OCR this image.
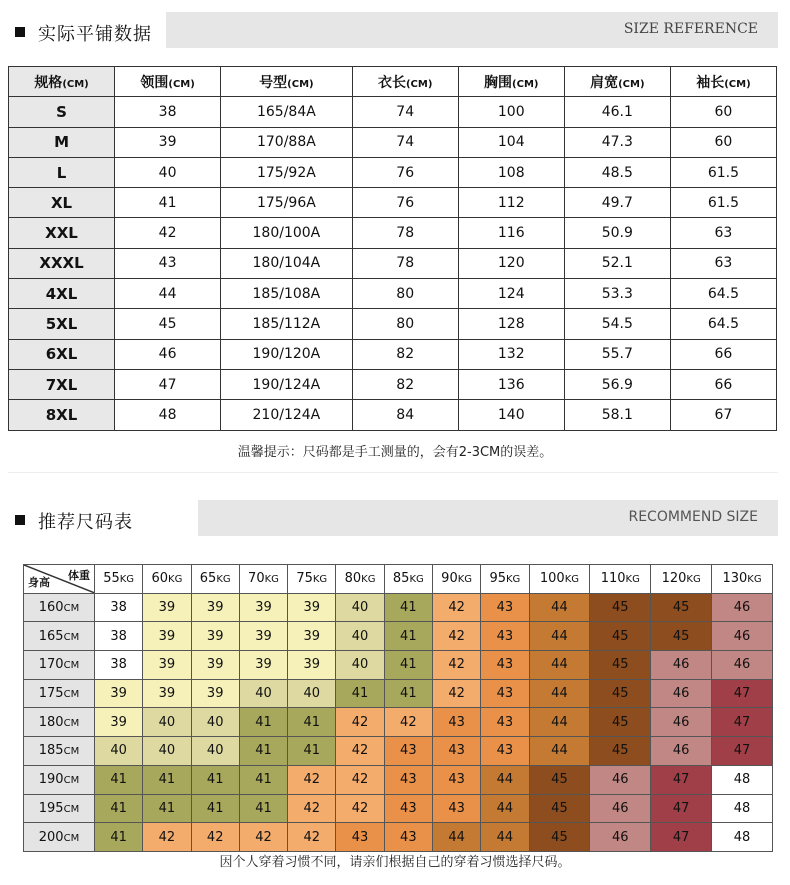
实际平铺数据	SIZE REFERENCE
规格(CM)	领围(CM)	号型(CM)	衣长(CM)	胸围(CM)	肩宽(CM)	袖长(CM)
S	38	165/84A	74	100	46.1	60
M	39	170/88A	74	104	47.3	60
L	40	175/92A	76	108	48.5	61.5
XL	41	175/96A	76	112	49.7	61.5
XXL	42	180/100A	78	116	50.9	63
XXXL	43	180/104A	78	120	52.1	63
4XL	44	185/108A	80	124	53.3	64.5
5XL	45	185/112A	80	128	54.5	64.5
6XL	46	190/120A	82	132	55.7	66
7XL	47	190/124A	82	136	56.9	66
8XL	48	210/124A	84	140	58.1	67
温馨提示：尺码都是手工测量的，会有2-3CM的误差。
推荐尺码表	RECOMMEND SIZE
体重
身高	55KG	60KG	65KG	70KG	75KG	80KG	85KG	90KG	95KG	100KG	110KG	120KG	130KG
160CM	38	39	39	39	39	40	41	42	43	44	45	45	46
165CM	38	39	39	39	39	40	41	42	43	44	45	45	46
170CM	38	39	39	39	39	40	41	42	43	44	45	46	46
175CM	39	39	39	40	40	41	41	42	43	44	45	46	47
180CM	39	40	40	41	41	42	42	43	43	44	45	46	47
185CM	40	40	40	41	41	42	43	43	43	44	45	46	47
190CM	41	41	41	41	42	42	43	43	44	45	46	47	48
195CM	41	41	41	41	42	42	43	43	44	45	46	47	48
200CM	41	42	42	42	42	43	43	44	44	45	46	47	48
因个人穿着习惯不同，请亲们根据自己的穿着习惯选择尺码。
